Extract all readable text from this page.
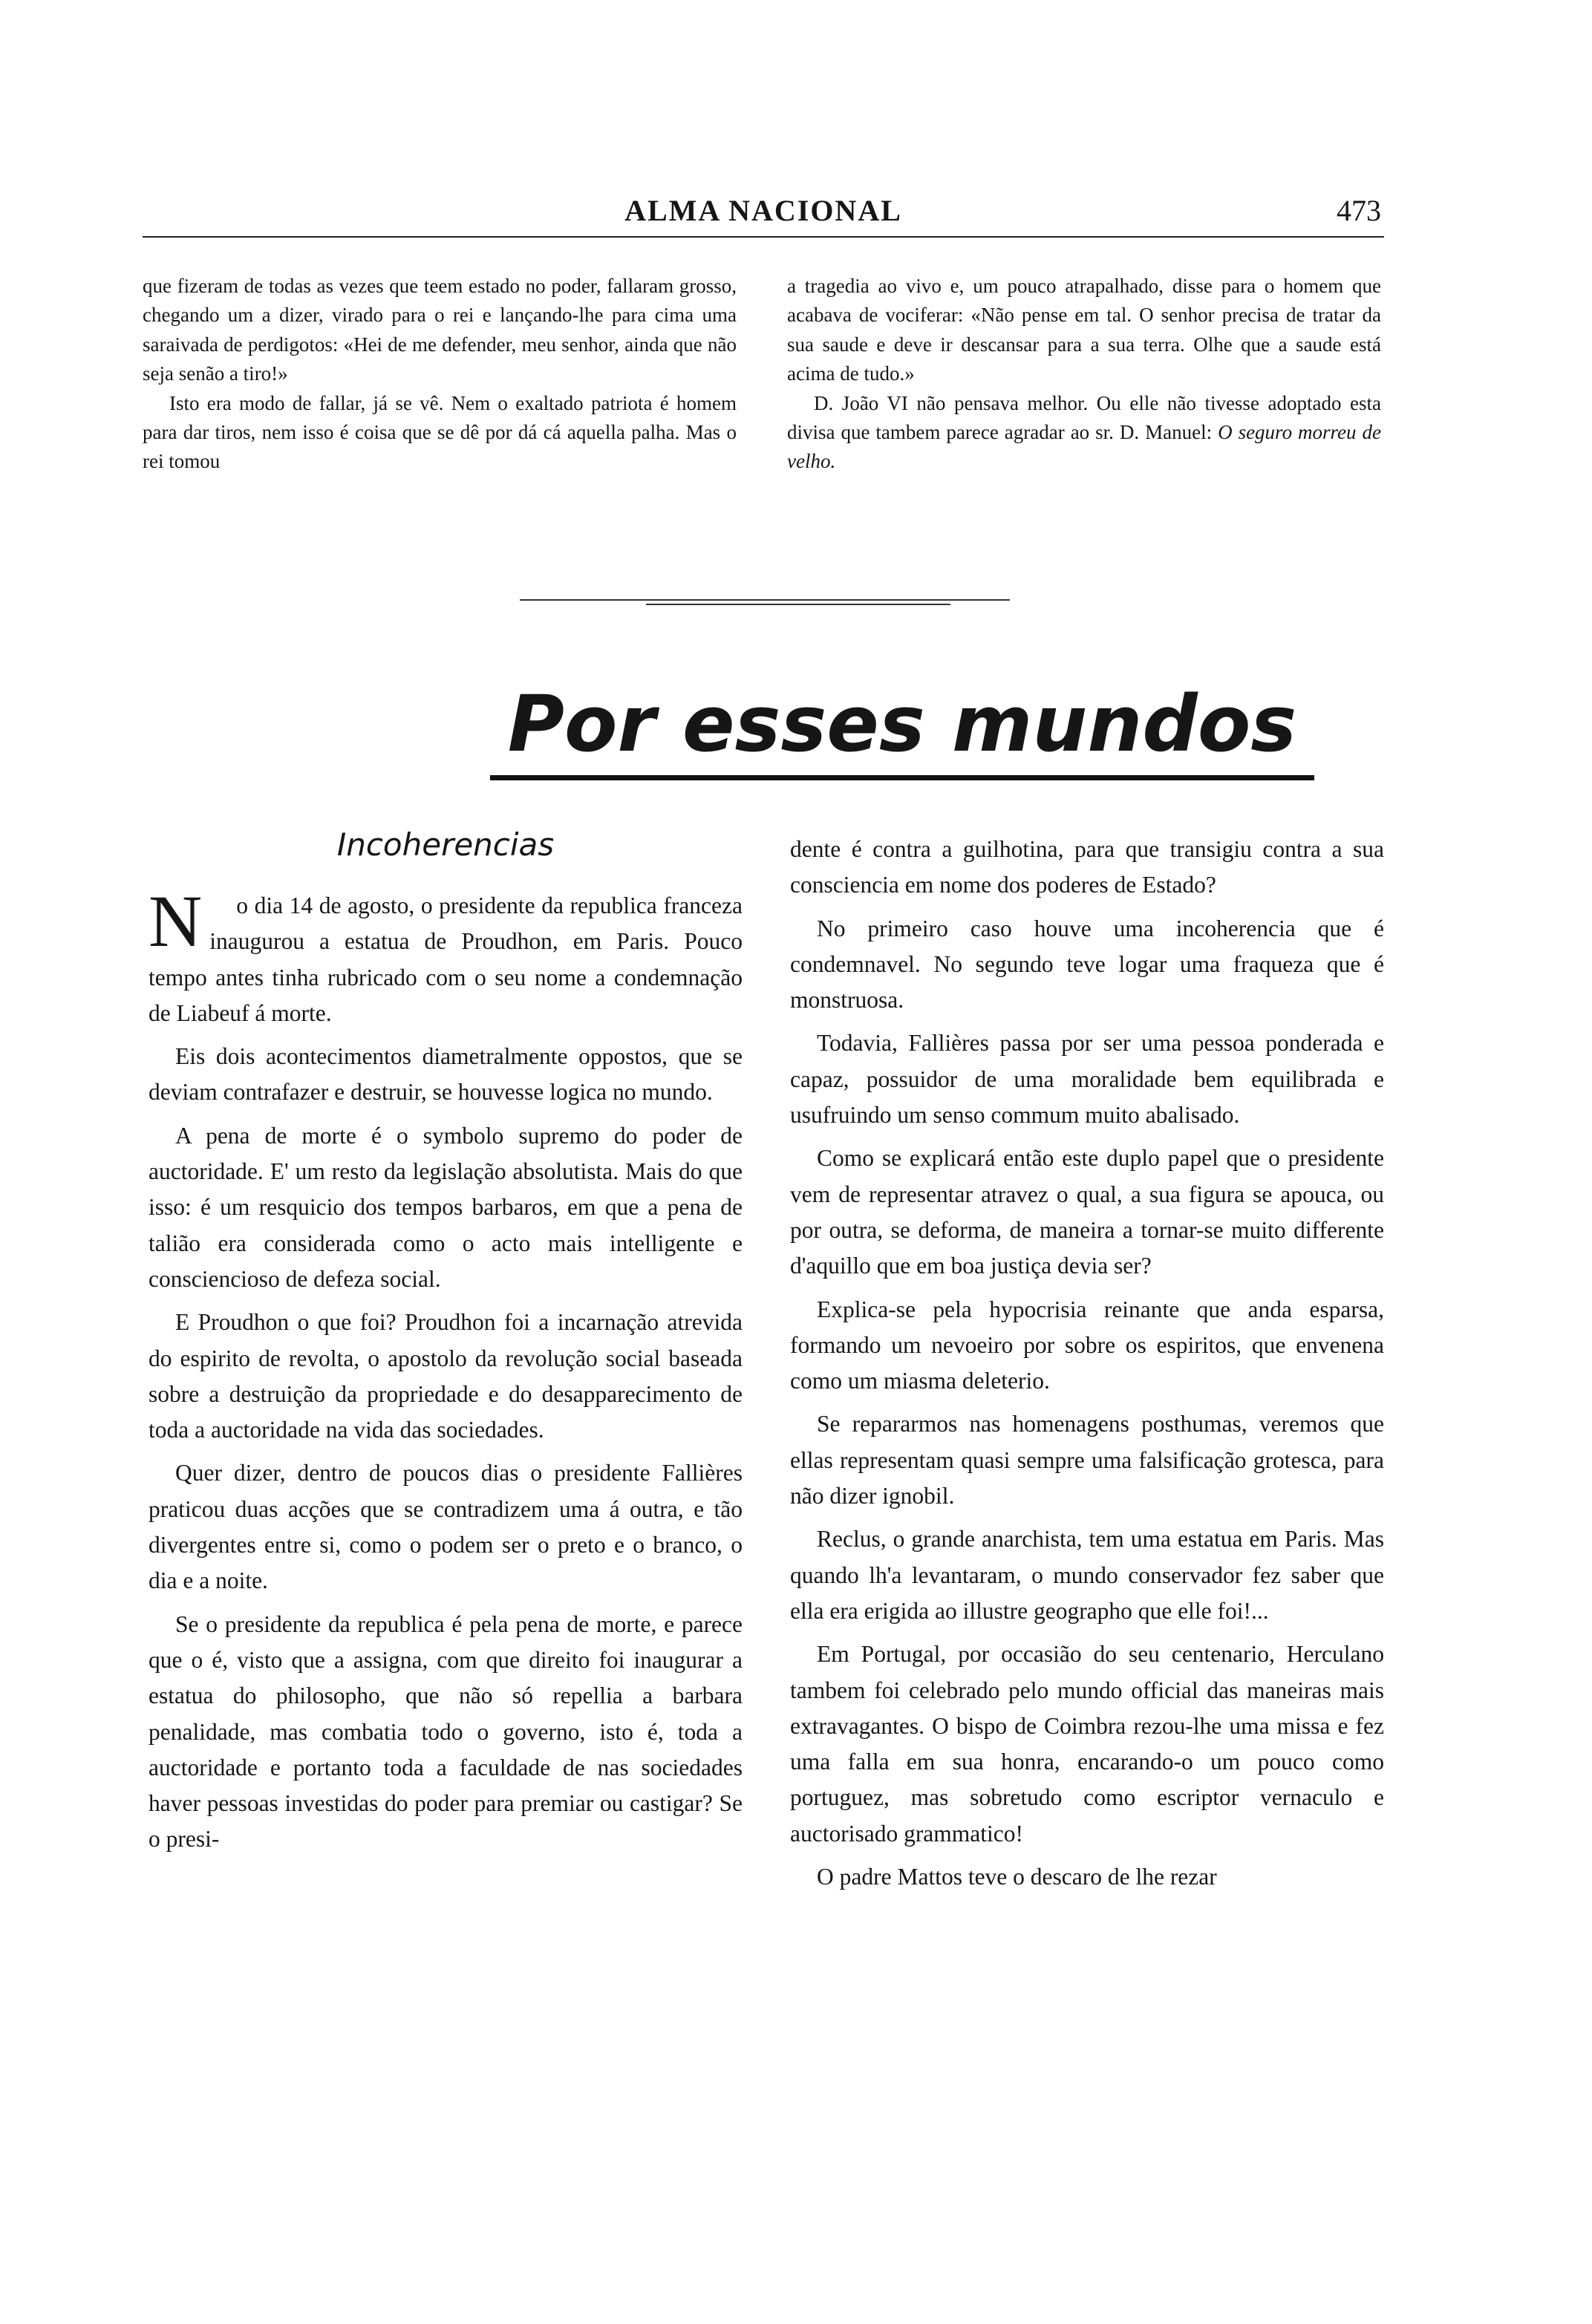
ALMA NACIONAL	473

que fizeram de todas as vezes que teem estado no poder, fallaram grosso, chegando um a dizer, virado para o rei e lançando-lhe para cima uma saraivada de perdigotos: «Hei de me defender, meu senhor, ainda que não seja senão a tiro!»

Isto era modo de fallar, já se vê. Nem o exaltado patriota é homem para dar tiros, nem isso é coisa que se dê por dá cá aquella palha. Mas o rei tomou

a tragedia ao vivo e, um pouco atrapalhado, disse para o homem que acabava de vociferar: «Não pense em tal. O senhor precisa de tratar da sua saude e deve ir descansar para a sua terra. Olhe que a saude está acima de tudo.»

D. João VI não pensava melhor. Ou elle não tivesse adoptado esta divisa que tambem parece agradar ao sr. D. Manuel: O seguro morreu de velho.

Por esses mundos
Incoherencias

N o dia 14 de agosto, o presidente da republica franceza inaugurou a estatua de Proudhon, em Paris. Pouco tempo antes tinha rubricado com o seu nome a condemnação de Liabeuf á morte.

Eis dois acontecimentos diametralmente oppostos, que se deviam contrafazer e destruir, se houvesse logica no mundo.

A pena de morte é o symbolo supremo do poder de auctoridade. E' um resto da legislação absolutista. Mais do que isso: é um resquicio dos tempos barbaros, em que a pena de talião era considerada como o acto mais intelligente e consciencioso de defeza social.

E Proudhon o que foi? Proudhon foi a incarnação atrevida do espirito de revolta, o apostolo da revolução social baseada sobre a destruição da propriedade e do desapparecimento de toda a auctoridade na vida das sociedades.

Quer dizer, dentro de poucos dias o presidente Fallières praticou duas acções que se contradizem uma á outra, e tão divergentes entre si, como o podem ser o preto e o branco, o dia e a noite.

Se o presidente da republica é pela pena de morte, e parece que o é, visto que a assigna, com que direito foi inaugurar a estatua do philosopho, que não só repellia a barbara penalidade, mas combatia todo o governo, isto é, toda a auctoridade e portanto toda a faculdade de nas sociedades haver pessoas investidas do poder para premiar ou castigar? Se o presi-

dente é contra a guilhotina, para que transigiu contra a sua consciencia em nome dos poderes de Estado?

No primeiro caso houve uma incoherencia que é condemnavel. No segundo teve logar uma fraqueza que é monstruosa.

Todavia, Fallières passa por ser uma pessoa ponderada e capaz, possuidor de uma moralidade bem equilibrada e usufruindo um senso commum muito abalisado.

Como se explicará então este duplo papel que o presidente vem de representar atravez o qual, a sua figura se apouca, ou por outra, se deforma, de maneira a tornar-se muito differente d'aquillo que em boa justiça devia ser?

Explica-se pela hypocrisia reinante que anda esparsa, formando um nevoeiro por sobre os espiritos, que envenena como um miasma deleterio.

Se repararmos nas homenagens posthumas, veremos que ellas representam quasi sempre uma falsificação grotesca, para não dizer ignobil.

Reclus, o grande anarchista, tem uma estatua em Paris. Mas quando lh'a levantaram, o mundo conservador fez saber que ella era erigida ao illustre geographo que elle foi!...

Em Portugal, por occasião do seu centenario, Herculano tambem foi celebrado pelo mundo official das maneiras mais extravagantes. O bispo de Coimbra rezou-lhe uma missa e fez uma falla em sua honra, encarando-o um pouco como portuguez, mas sobretudo como escriptor vernaculo e auctorisado grammatico!

O padre Mattos teve o descaro de lhe rezar
